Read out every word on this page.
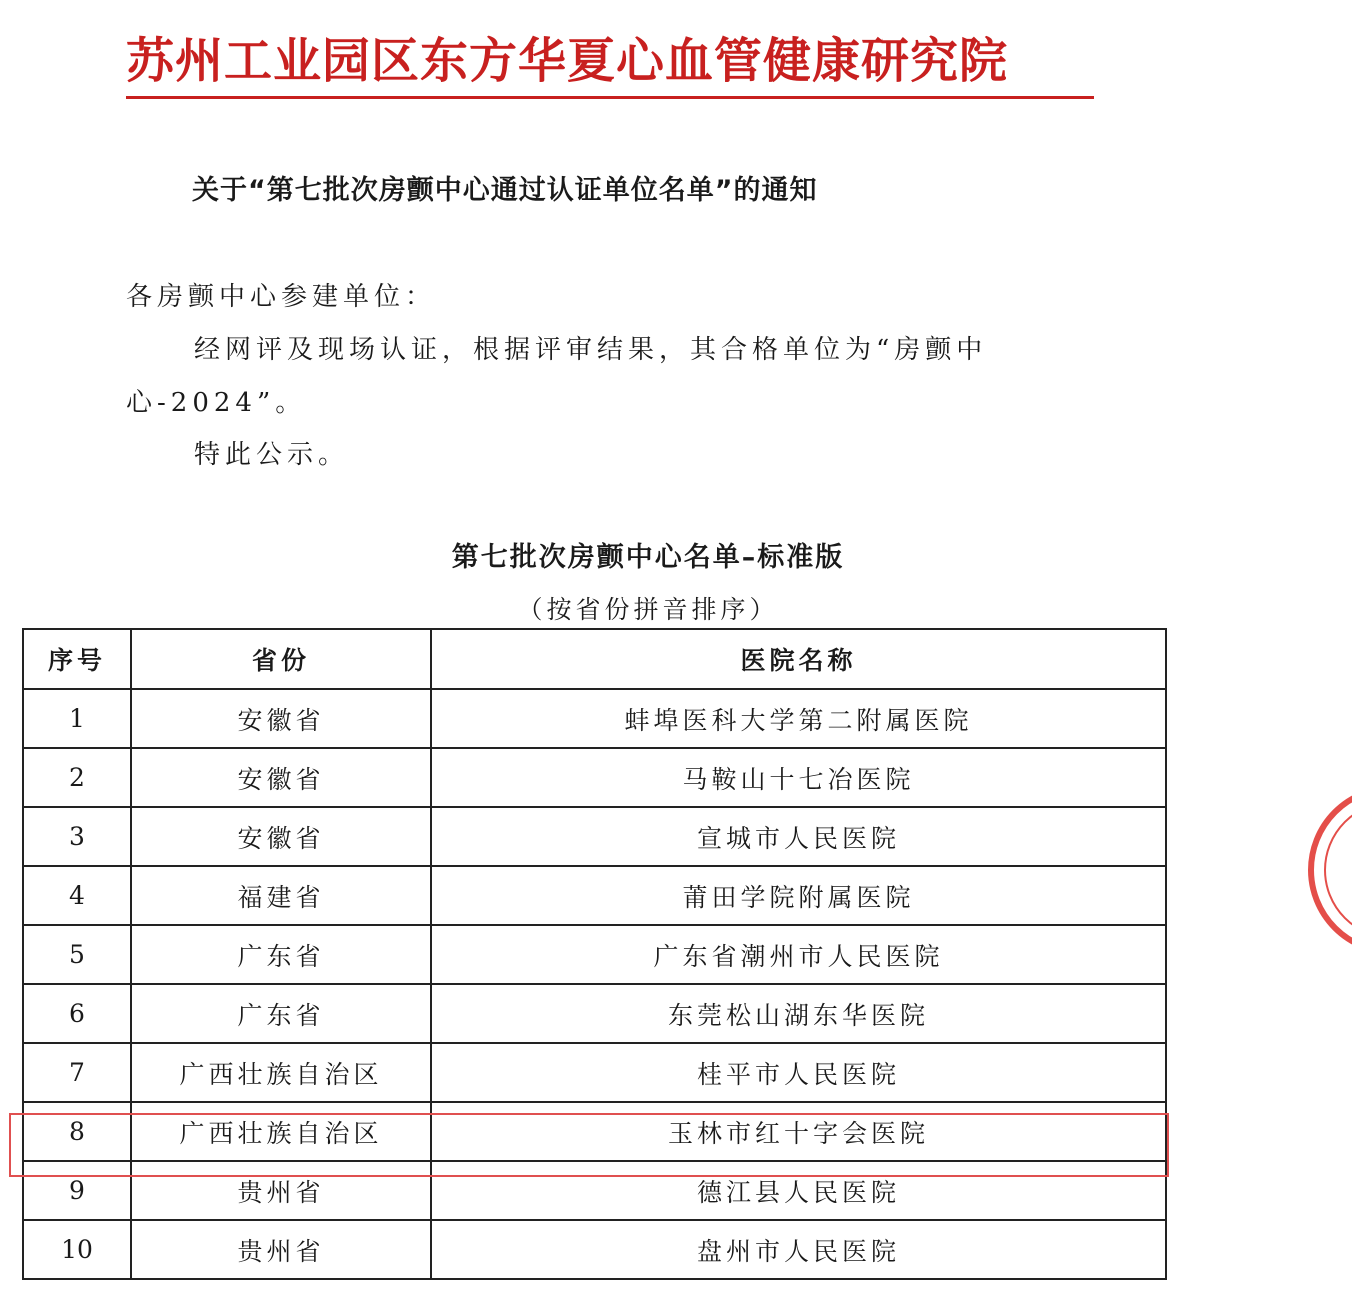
苏州工业园区东方华夏心血管健康研究院
关于“第七批次房颤中心通过认证单位名单”的通知
各房颤中心参建单位：
经网评及现场认证，根据评审结果，其合格单位为“房颤中
心-2024”。
特此公示。
第七批次房颤中心名单–标准版
（按省份拼音排序）
序号	省份	医院名称
1	安徽省	蚌埠医科大学第二附属医院
2	安徽省	马鞍山十七冶医院
3	安徽省	宣城市人民医院
4	福建省	莆田学院附属医院
5	广东省	广东省潮州市人民医院
6	广东省	东莞松山湖东华医院
7	广西壮族自治区	桂平市人民医院
8	广西壮族自治区	玉林市红十字会医院
9	贵州省	德江县人民医院
10	贵州省	盘州市人民医院
